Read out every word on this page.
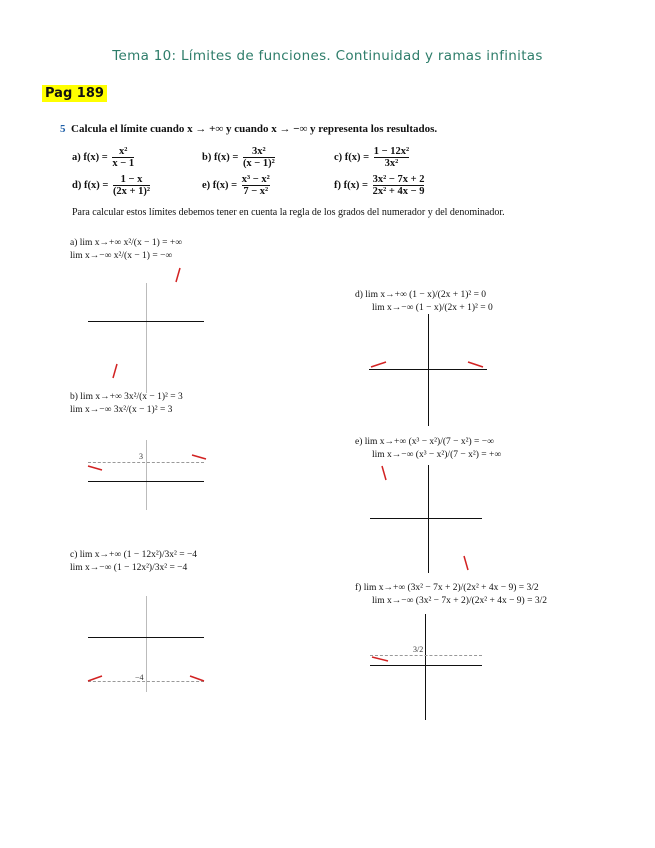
Tema 10: Límites de funciones. Continuidad y ramas infinitas
Pag 189
5 Calcula el límite cuando x → +∞ y cuando x → −∞ y representa los resultados.
a) $f(x) = \frac{\text{x²}}{x - 1}$	b) $f(x) = \frac{\text{3x²}}{\text{(x − 1)²}}$	c) $f(x) = \frac{\text{1 − 12x²}}{\text{3x²}}$
d) $f(x) = \frac{1 - x}{\text{(2x + 1)²}}$	e) $f(x) = \frac{\text{x³ − x²}}{\text{7 − x²}}$	f) $f(x) = \frac{\text{3x² − 7x + 2}}{\text{2x² + 4x − 9}}$
Para calcular estos límites debemos tener en cuenta la regla de los grados del numerador y del denominador.
a) lim x→+∞ x²/(x − 1) = +∞
lim x→−∞ x²/(x − 1) = −∞
b) lim x→+∞ 3x²/(x − 1)² = 3
lim x→−∞ 3x²/(x − 1)² = 3
3
c) lim x→+∞ (1 − 12x²)/3x² = −4
lim x→−∞ (1 − 12x²)/3x² = −4
−4
d) lim x→+∞ (1 − x)/(2x + 1)² = 0
lim x→−∞ (1 − x)/(2x + 1)² = 0
e) lim x→+∞ (x³ − x²)/(7 − x²) = −∞
lim x→−∞ (x³ − x²)/(7 − x²) = +∞
f) lim x→+∞ (3x² − 7x + 2)/(2x² + 4x − 9) = 3/2
lim x→−∞ (3x² − 7x + 2)/(2x² + 4x − 9) = 3/2
3/2
